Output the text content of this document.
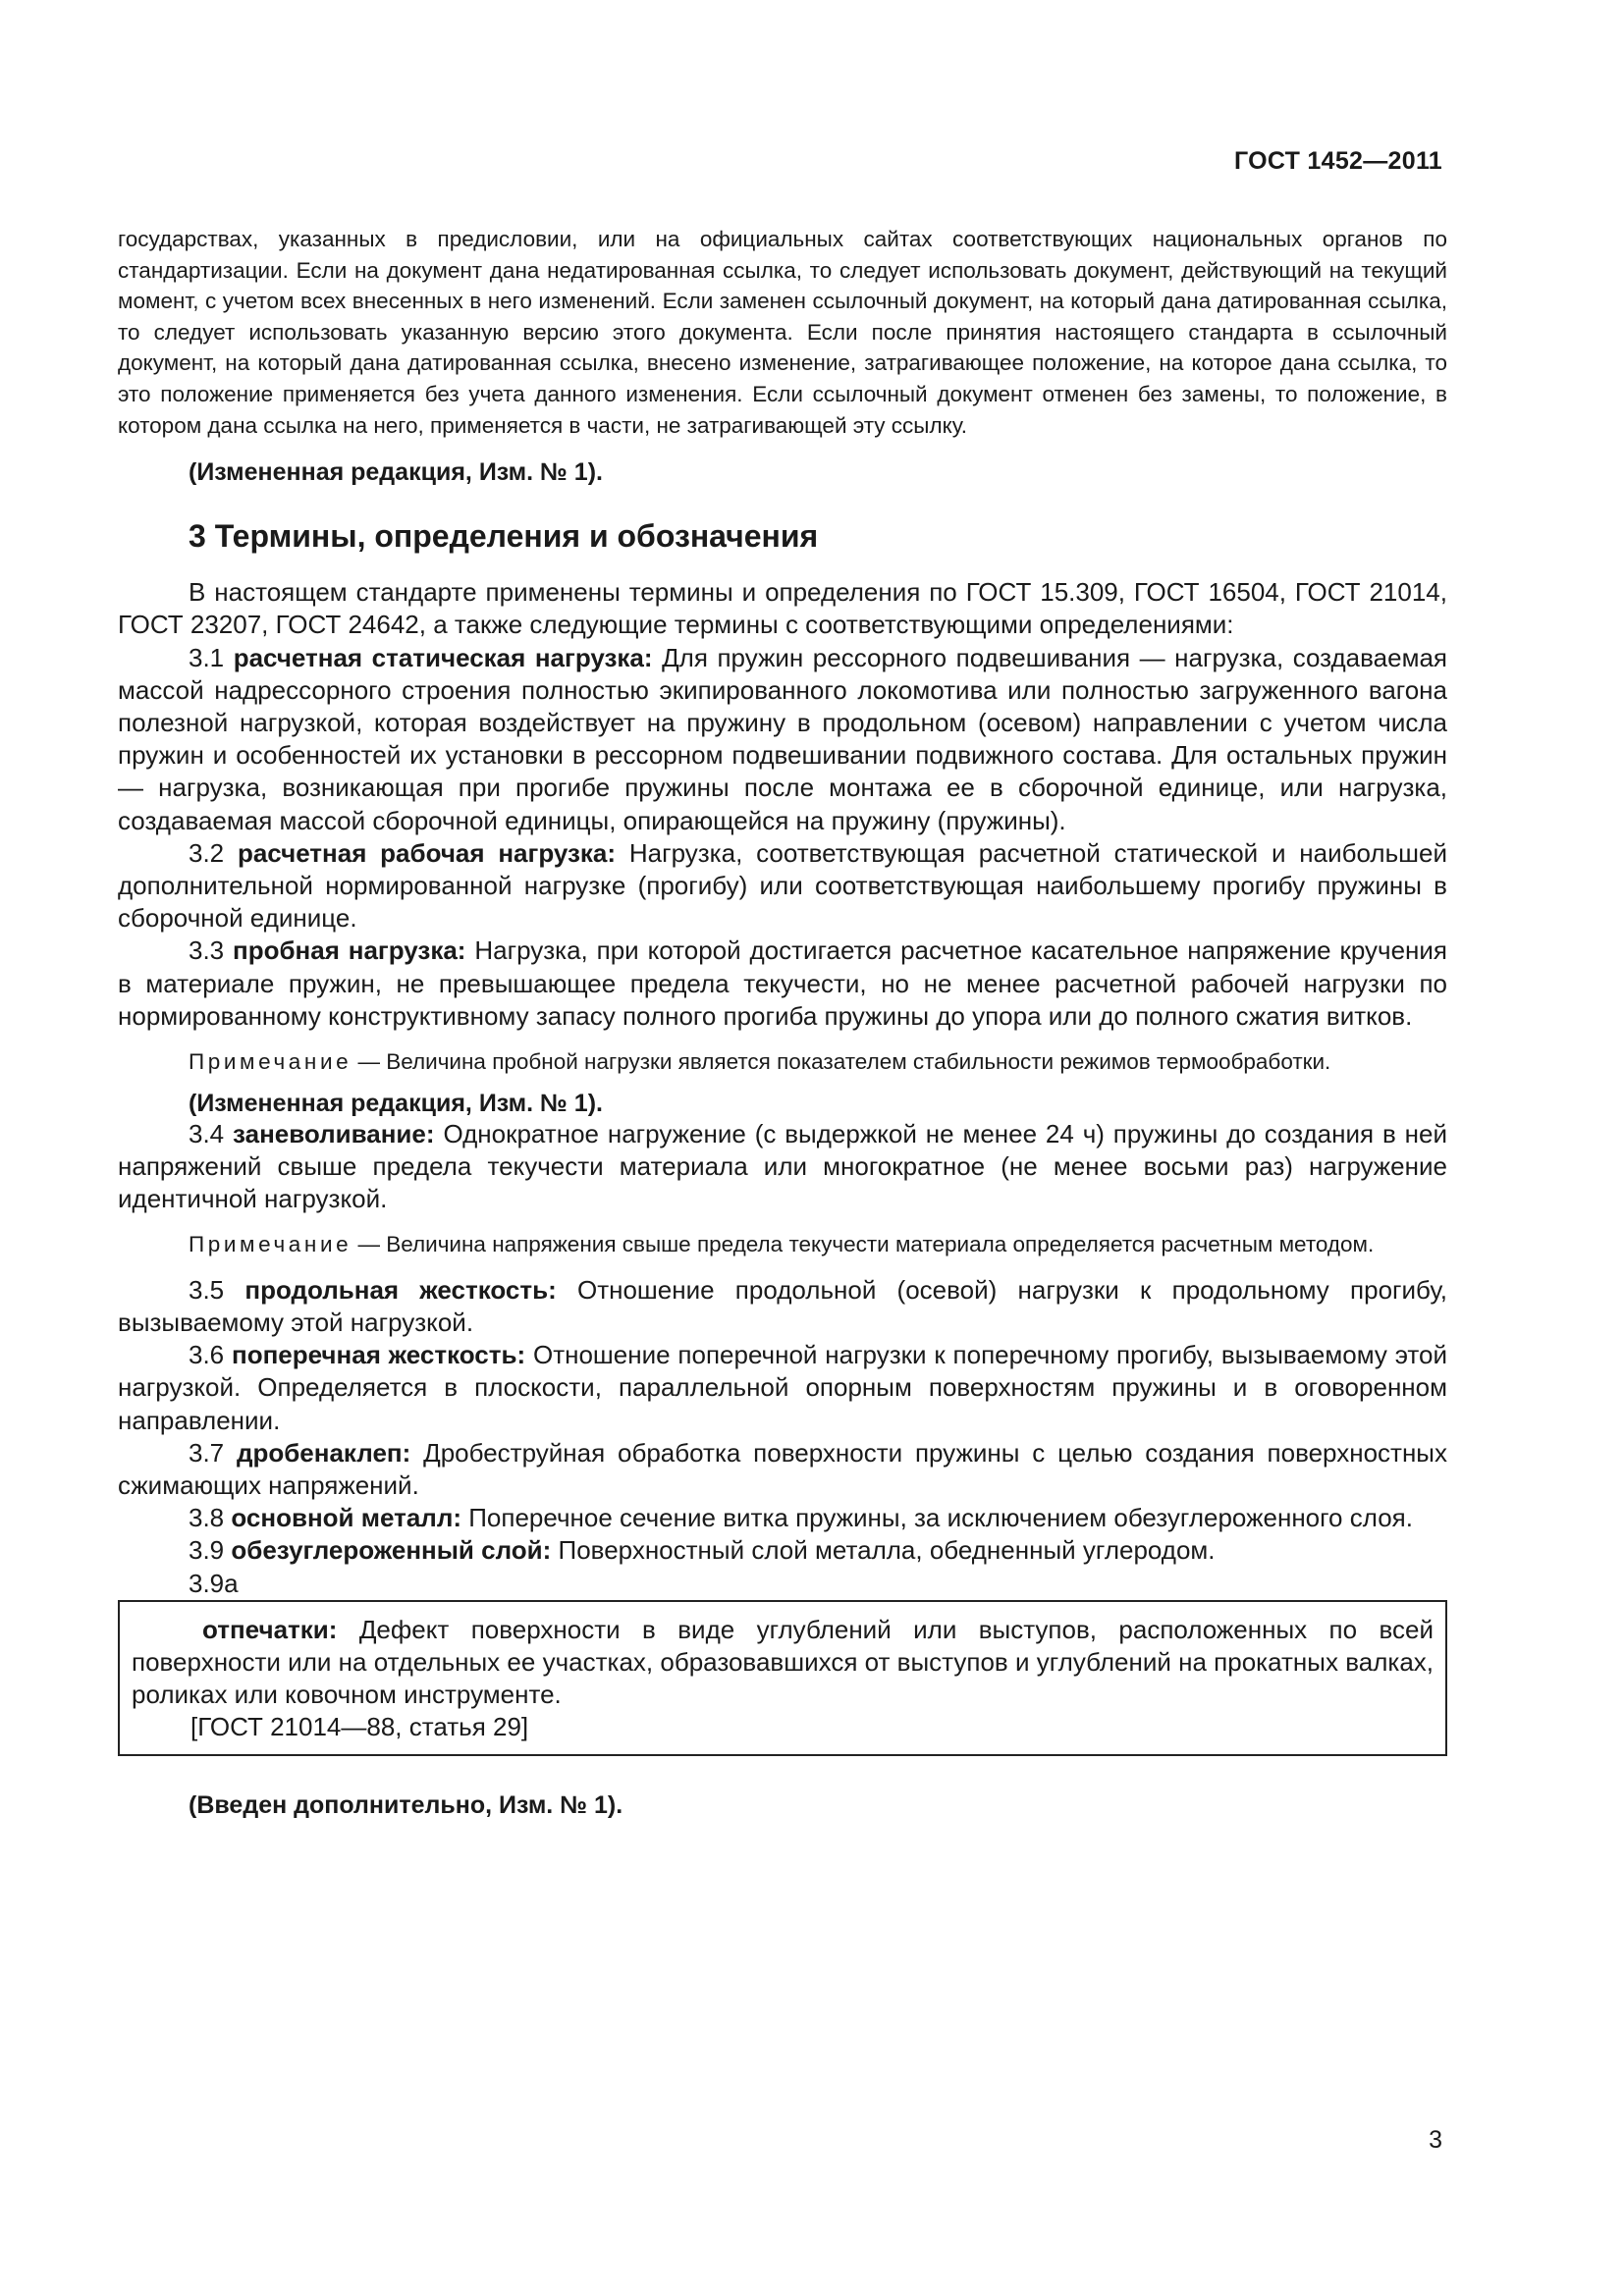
ГОСТ 1452—2011

государствах, указанных в предисловии, или на официальных сайтах соответствующих национальных органов по стандартизации. Если на документ дана недатированная ссылка, то следует использовать документ, действующий на текущий момент, с учетом всех внесенных в него изменений. Если заменен ссылочный документ, на который дана датированная ссылка, то следует использовать указанную версию этого документа. Если после принятия настоящего стандарта в ссылочный документ, на который дана датированная ссылка, внесено изменение, затрагивающее положение, на которое дана ссылка, то это положение применяется без учета данного изменения. Если ссылочный документ отменен без замены, то положение, в котором дана ссылка на него, применяется в части, не затрагивающей эту ссылку.

(Измененная редакция, Изм. № 1).

3 Термины, определения и обозначения

В настоящем стандарте применены термины и определения по ГОСТ 15.309, ГОСТ 16504, ГОСТ 21014, ГОСТ 23207, ГОСТ 24642, а также следующие термины с соответствующими определениями:

3.1 расчетная статическая нагрузка: Для пружин рессорного подвешивания — нагрузка, создаваемая массой надрессорного строения полностью экипированного локомотива или полностью загруженного вагона полезной нагрузкой, которая воздействует на пружину в продольном (осевом) направлении с учетом числа пружин и особенностей их установки в рессорном подвешивании подвижного состава. Для остальных пружин — нагрузка, возникающая при прогибе пружины после монтажа ее в сборочной единице, или нагрузка, создаваемая массой сборочной единицы, опирающейся на пружину (пружины).

3.2 расчетная рабочая нагрузка: Нагрузка, соответствующая расчетной статической и наибольшей дополнительной нормированной нагрузке (прогибу) или соответствующая наибольшему прогибу пружины в сборочной единице.

3.3 пробная нагрузка: Нагрузка, при которой достигается расчетное касательное напряжение кручения в материале пружин, не превышающее предела текучести, но не менее расчетной рабочей нагрузки по нормированному конструктивному запасу полного прогиба пружины до упора или до полного сжатия витков.

Примечание — Величина пробной нагрузки является показателем стабильности режимов термообработки.

(Измененная редакция, Изм. № 1).

3.4 заневоливание: Однократное нагружение (с выдержкой не менее 24 ч) пружины до создания в ней напряжений свыше предела текучести материала или многократное (не менее восьми раз) нагружение идентичной нагрузкой.

Примечание — Величина напряжения свыше предела текучести материала определяется расчетным методом.

3.5 продольная жесткость: Отношение продольной (осевой) нагрузки к продольному прогибу, вызываемому этой нагрузкой.

3.6 поперечная жесткость: Отношение поперечной нагрузки к поперечному прогибу, вызываемому этой нагрузкой. Определяется в плоскости, параллельной опорным поверхностям пружины и в оговоренном направлении.

3.7 дробенаклеп: Дробеструйная обработка поверхности пружины с целью создания поверхностных сжимающих напряжений.

3.8 основной металл: Поперечное сечение витка пружины, за исключением обезуглероженного слоя.

3.9 обезуглероженный слой: Поверхностный слой металла, обедненный углеродом.

3.9а

отпечатки: Дефект поверхности в виде углублений или выступов, расположенных по всей поверхности или на отдельных ее участках, образовавшихся от выступов и углублений на прокатных валках, роликах или ковочном инструменте.

[ГОСТ 21014—88, статья 29]

(Введен дополнительно, Изм. № 1).

3
